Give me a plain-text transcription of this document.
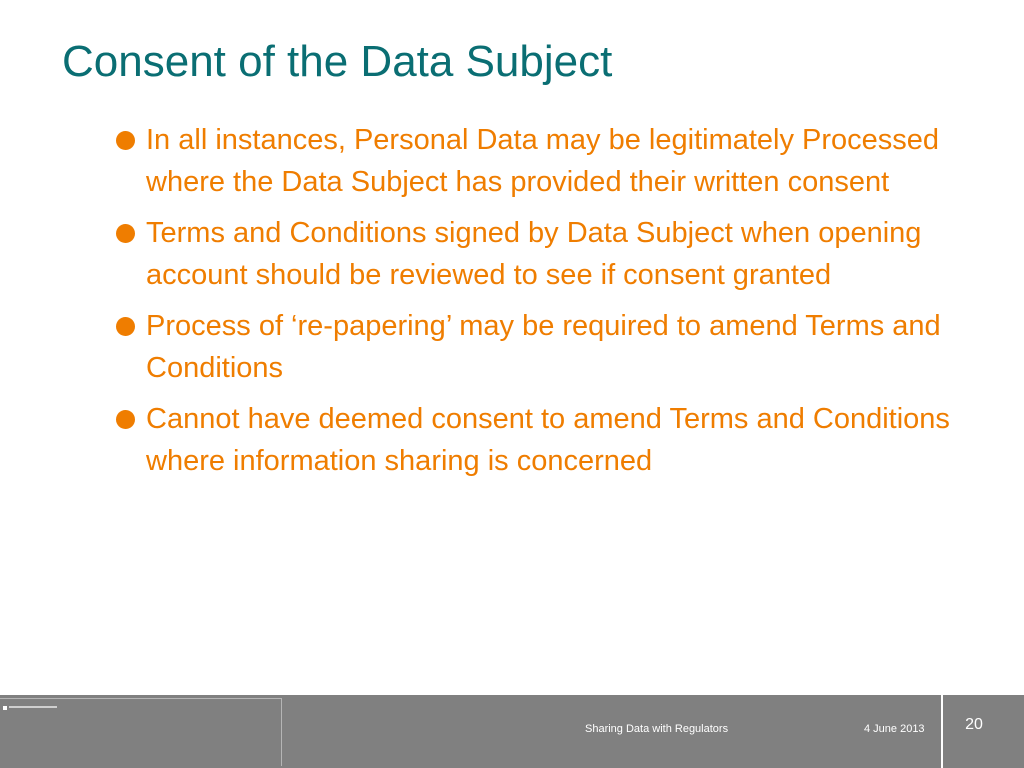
Consent of the Data Subject
In all instances, Personal Data may be legitimately Processed where the Data Subject has provided their written consent
Terms and Conditions signed by Data Subject when opening account should be reviewed to see if consent granted
Process of ‘re-papering’ may be required to amend Terms and Conditions
Cannot have deemed consent to amend Terms and Conditions where information sharing is concerned
Sharing Data with Regulators	4 June 2013	20
